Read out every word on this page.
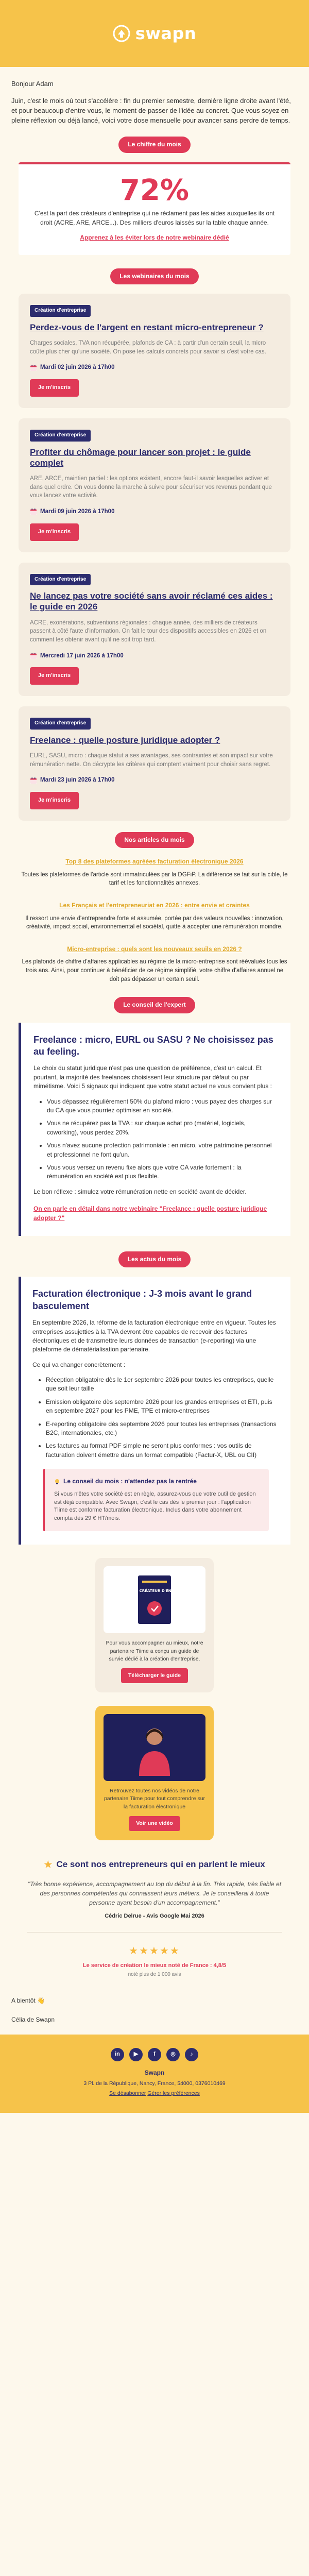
swapn

Bonjour Adam

Juin, c'est le mois où tout s'accélère : fin du premier semestre, dernière ligne droite avant l'été, et pour beaucoup d'entre vous, le moment de passer de l'idée au concret. Que vous soyez en pleine réflexion ou déjà lancé, voici votre dose mensuelle pour avancer sans perdre de temps.

Le chiffre du mois
72%
C'est la part des créateurs d'entreprise qui ne réclament pas les aides auxquelles ils ont droit (ACRE, ARE, ARCE...). Des milliers d'euros laissés sur la table chaque année.
Apprenez à les éviter lors de notre webinaire dédié
Les webinaires du mois
Création d'entreprise
Perdez-vous de l'argent en restant micro-entrepreneur ?
Charges sociales, TVA non récupérée, plafonds de CA : à partir d'un certain seuil, la micro coûte plus cher qu'une société. On pose les calculs concrets pour savoir si c'est votre cas.
Mardi 02 juin 2026 à 17h00
Je m'inscris
Création d'entreprise
Profiter du chômage pour lancer son projet : le guide complet
ARE, ARCE, maintien partiel : les options existent, encore faut-il savoir lesquelles activer et dans quel ordre. On vous donne la marche à suivre pour sécuriser vos revenus pendant que vous lancez votre activité.
Mardi 09 juin 2026 à 17h00
Je m'inscris
Création d'entreprise
Ne lancez pas votre société sans avoir réclamé ces aides : le guide en 2026
ACRE, exonérations, subventions régionales : chaque année, des milliers de créateurs passent à côté faute d'information. On fait le tour des dispositifs accessibles en 2026 et on comment les obtenir avant qu'il ne soit trop tard.
Mercredi 17 juin 2026 à 17h00
Je m'inscris
Création d'entreprise
Freelance : quelle posture juridique adopter ?
EURL, SASU, micro : chaque statut a ses avantages, ses contraintes et son impact sur votre rémunération nette. On décrypte les critères qui comptent vraiment pour choisir sans regret.
Mardi 23 juin 2026 à 17h00
Je m'inscris
Nos articles du mois
Top 8 des plateformes agréées facturation électronique 2026
Toutes les plateformes de l'article sont immatriculées par la DGFiP. La différence se fait sur la cible, le tarif et les fonctionnalités annexes.
Les Français et l'entrepreneuriat en 2026 : entre envie et craintes
Il ressort une envie d'entreprendre forte et assumée, portée par des valeurs nouvelles : innovation, créativité, impact social, environnemental et sociétal, quitte à accepter une rémunération moindre.
Micro-entreprise : quels sont les nouveaux seuils en 2026 ?
Les plafonds de chiffre d'affaires applicables au régime de la micro-entreprise sont réévalués tous les trois ans. Ainsi, pour continuer à bénéficier de ce régime simplifié, votre chiffre d'affaires annuel ne doit pas dépasser un certain seuil.
Le conseil de l'expert
Freelance : micro, EURL ou SASU ? Ne choisissez pas au feeling.

Le choix du statut juridique n'est pas une question de préférence, c'est un calcul. Et pourtant, la majorité des freelances choisissent leur structure par défaut ou par mimétisme. Voici 5 signaux qui indiquent que votre statut actuel ne vous convient plus :

• Vous dépassez régulièrement 50% du plafond micro : vous payez des charges sur du CA que vous pourriez optimiser en société.
• Vous ne récupérez pas la TVA : sur chaque achat pro (matériel, logiciels, coworking), vous perdez 20%.
• Vous n'avez aucune protection patrimoniale : en micro, votre patrimoine personnel et professionnel ne font qu'un.
• Vous vous versez un revenu fixe alors que votre CA varie fortement : la rémunération en société est plus flexible.

Le bon réflexe : simulez votre rémunération nette en société avant de décider.

On en parle en détail dans notre webinaire "Freelance : quelle posture juridique adopter ?"
Les actus du mois
Facturation électronique : J-3 mois avant le grand basculement

En septembre 2026, la réforme de la facturation électronique entre en vigueur. Toutes les entreprises assujetties à la TVA devront être capables de recevoir des factures électroniques et de transmettre leurs données de transaction (e-reporting) via une plateforme de dématérialisation partenaire.

Ce qui va changer concrètement :

• Réception obligatoire dès le 1er septembre 2026 pour toutes les entreprises, quelle que soit leur taille
• Emission obligatoire dès septembre 2026 pour les grandes entreprises et ETI, puis en septembre 2027 pour les PME, TPE et micro-entreprises
• E-reporting obligatoire dès septembre 2026 pour toutes les entreprises (transactions B2C, internationales, etc.)
• Les factures au format PDF simple ne seront plus conformes : vos outils de facturation doivent émettre dans un format compatible (Factur-X, UBL ou CII)
Le conseil du mois : n'attendez pas la rentrée
Si vous n'êtes votre société est en règle, assurez-vous que votre outil de gestion est déjà compatible. Avec Swapn, c'est le cas dès le premier jour : l'application Tiime est conforme facturation électronique. Inclus dans votre abonnement compta dès 29 € HT/mois.
GUIDE DU CRÉATEUR D'ENTREPRISE
Pour vous accompagner au mieux, notre partenaire Tiime a conçu un guide de survie dédié à la création d'entreprise.
Télécharger le guide
Retrouvez toutes nos vidéos de notre partenaire Tiime pour tout comprendre sur la facturation électronique
Voir une vidéo
★ Ce sont nos entrepreneurs qui en parlent le mieux
"Très bonne expérience, accompagnement au top du début à la fin. Très rapide, très fiable et des personnes compétentes qui connaissent leurs métiers. Je le conseillerai à toute personne ayant besoin d'un accompagnement."
Cédric Delrue - Avis Google Mai 2026
★★★★★
Le service de création le mieux noté de France : 4,8/5
noté plus de 1 000 avis

A bientôt 👋

Célia de Swapn

in	▶	f	◎	♪
Swapn
3 Pl. de la République, Nancy, France, 54000, 0376010469
Se désabonner Gérer les préférences
